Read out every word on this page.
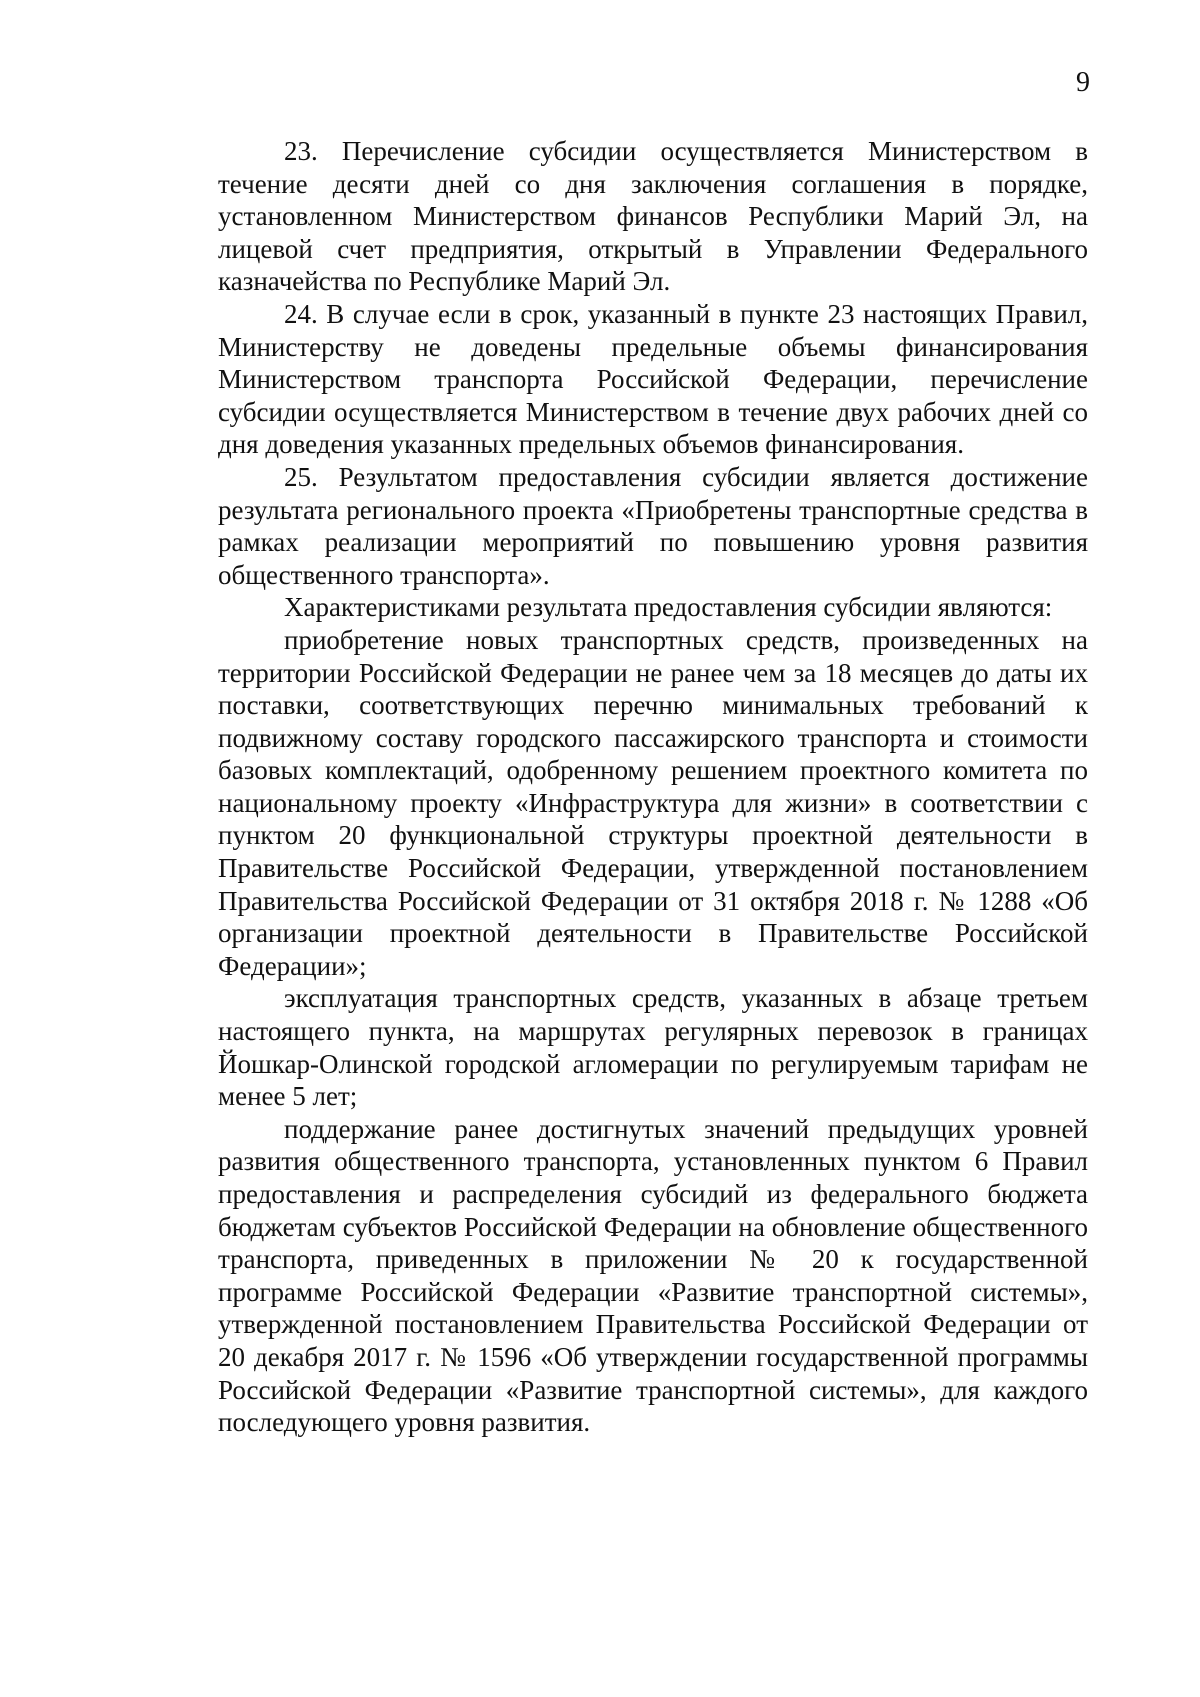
9

23. Перечисление субсидии осуществляется Министерством в течение десяти дней со дня заключения соглашения в порядке, установленном Министерством финансов Республики Марий Эл, на лицевой счет предприятия, открытый в Управлении Федерального казначейства по Республике Марий Эл.

24. В случае если в срок, указанный в пункте 23 настоящих Правил, Министерству не доведены предельные объемы финансирования Министерством транспорта Российской Федерации, перечисление субсидии осуществляется Министерством в течение двух рабочих дней со дня доведения указанных предельных объемов финансирования.

25. Результатом предоставления субсидии является достижение результата регионального проекта «Приобретены транспортные средства в рамках реализации мероприятий по повышению уровня развития общественного транспорта».

Характеристиками результата предоставления субсидии являются:

приобретение новых транспортных средств, произведенных на территории Российской Федерации не ранее чем за 18 месяцев до даты их поставки, соответствующих перечню минимальных требований к подвижному составу городского пассажирского транспорта и стоимости базовых комплектаций, одобренному решением проектного комитета по национальному проекту «Инфраструктура для жизни» в соответствии с пунктом 20 функциональной структуры проектной деятельности в Правительстве Российской Федерации, утвержденной постановлением Правительства Российской Федерации от 31 октября 2018 г. № 1288 «Об организации проектной деятельности в Правительстве Российской Федерации»;

эксплуатация транспортных средств, указанных в абзаце третьем настоящего пункта, на маршрутах регулярных перевозок в границах Йошкар-Олинской городской агломерации по регулируемым тарифам не менее 5 лет;

поддержание ранее достигнутых значений предыдущих уровней развития общественного транспорта, установленных пунктом 6 Правил предоставления и распределения субсидий из федерального бюджета бюджетам субъектов Российской Федерации на обновление общественного транспорта, приведенных в приложении № 20 к государственной программе Российской Федерации «Развитие транспортной системы», утвержденной постановлением Правительства Российской Федерации от 20 декабря 2017 г. № 1596 «Об утверждении государственной программы Российской Федерации «Развитие транспортной системы», для каждого последующего уровня развития.
